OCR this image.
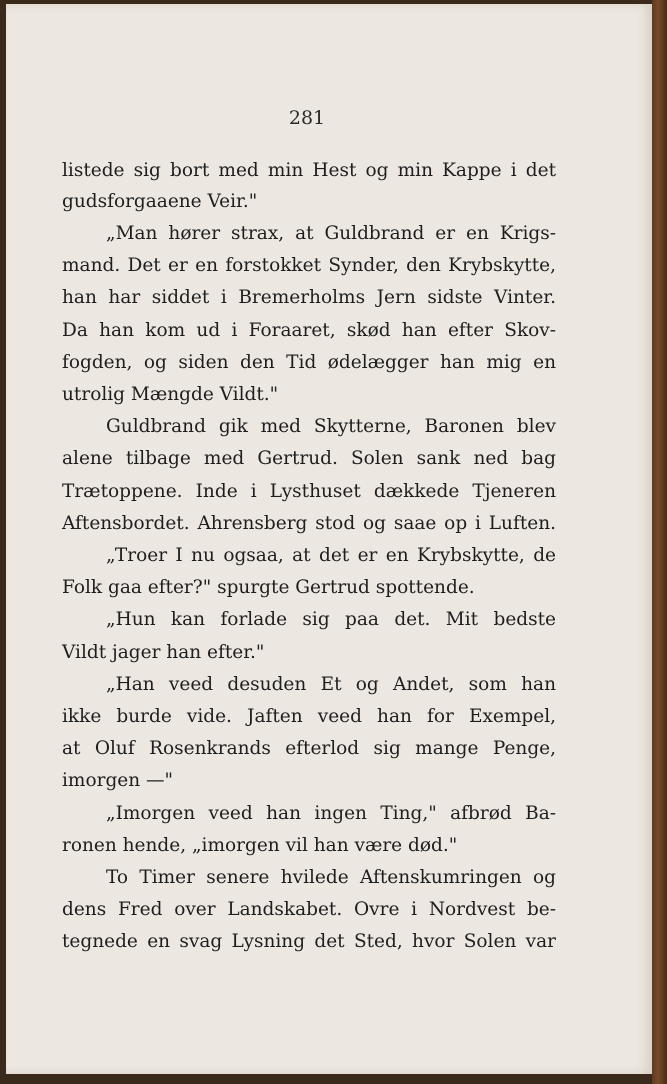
281
listede sig bort med min Hest og min Kappe i det
gudsforgaaene Veir."
„Man hører strax, at Guldbrand er en Krigs-
mand. Det er en forstokket Synder, den Krybskytte,
han har siddet i Bremerholms Jern sidste Vinter.
Da han kom ud i Foraaret, skød han efter Skov-
fogden, og siden den Tid ødelægger han mig en
utrolig Mængde Vildt."
Guldbrand gik med Skytterne, Baronen blev
alene tilbage med Gertrud. Solen sank ned bag
Trætoppene. Inde i Lysthuset dækkede Tjeneren
Aftensbordet. Ahrensberg stod og saae op i Luften.
„Troer I nu ogsaa, at det er en Krybskytte, de
Folk gaa efter?" spurgte Gertrud spottende.
„Hun kan forlade sig paa det. Mit bedste
Vildt jager han efter."
„Han veed desuden Et og Andet, som han
ikke burde vide. Jaften veed han for Exempel,
at Oluf Rosenkrands efterlod sig mange Penge,
imorgen —"
„Imorgen veed han ingen Ting," afbrød Ba-
ronen hende, „imorgen vil han være død."
To Timer senere hvilede Aftenskumringen og
dens Fred over Landskabet. Ovre i Nordvest be-
tegnede en svag Lysning det Sted, hvor Solen var
